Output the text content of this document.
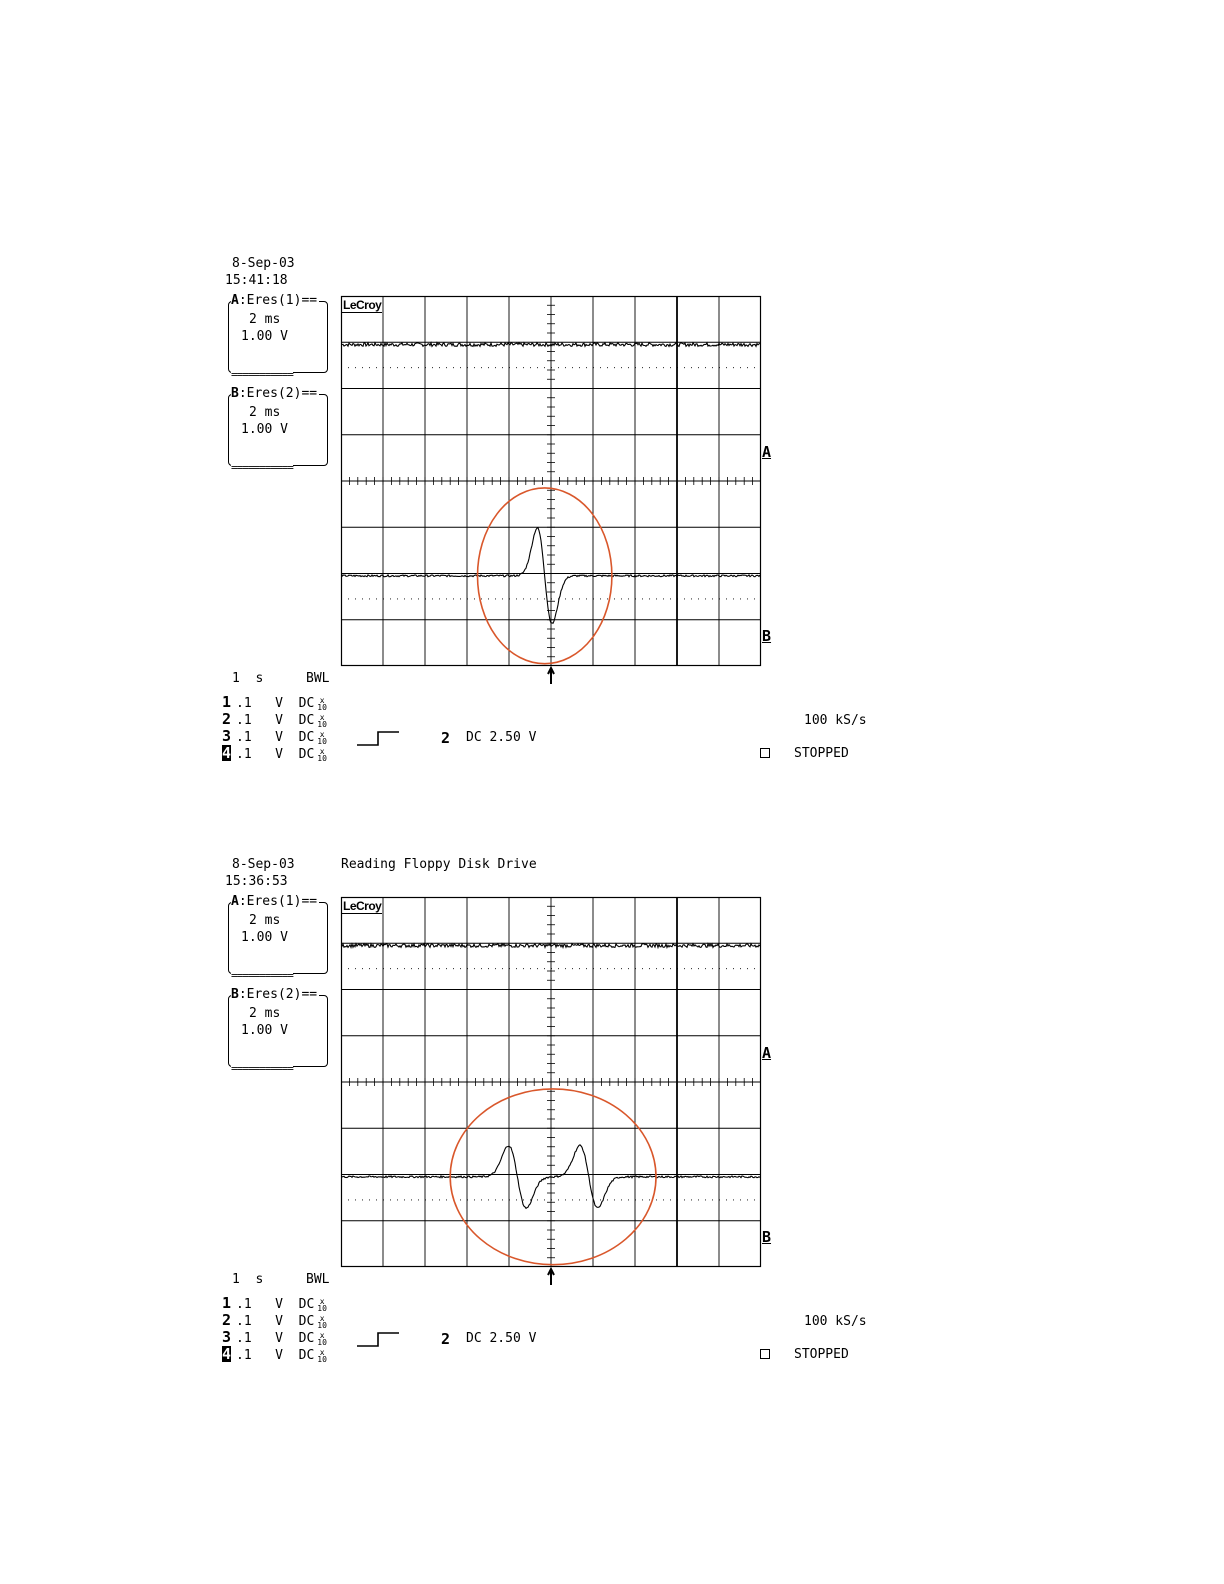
8-Sep-03
15:41:18
A:Eres(1)==
2 ms
1.00 V
===========
B:Eres(2)==
2 ms
1.00 V
===========
LeCroy
A
B
1  s	BWL
1 .1 V DC x
10
2 .1 V DC x
10
3 .1 V DC x
10
4 .1 V DC x
10
2 DC 2.50 V
100 kS/s
STOPPED
8-Sep-03
15:36:53
Reading Floppy Disk Drive
A:Eres(1)==
2 ms
1.00 V
===========
B:Eres(2)==
2 ms
1.00 V
===========
LeCroy
A
B
1  s	BWL
1 .1 V DC x
10
2 .1 V DC x
10
3 .1 V DC x
10
4 .1 V DC x
10
2 DC 2.50 V
100 kS/s
STOPPED
